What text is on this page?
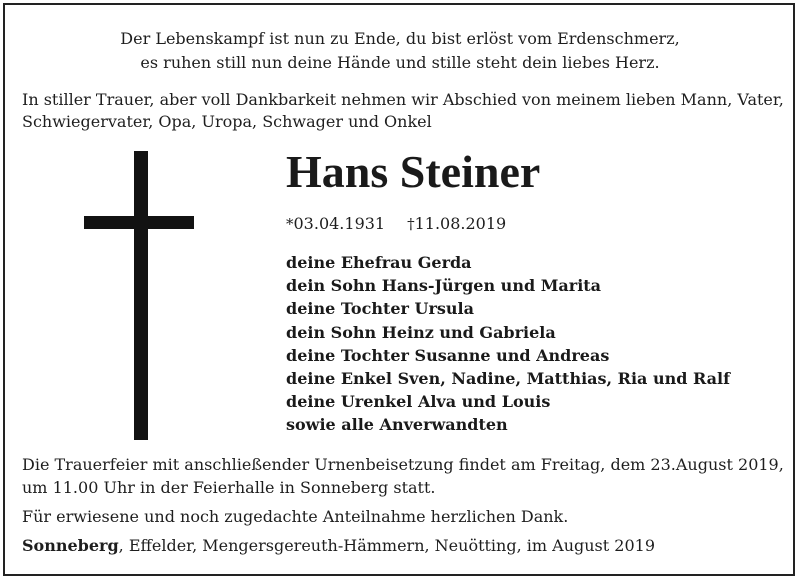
Der Lebenskampf ist nun zu Ende, du bist erlöst vom Erdenschmerz,
es ruhen still nun deine Hände und stille steht dein liebes Herz.
In stiller Trauer, aber voll Dankbarkeit nehmen wir Abschied von meinem lieben Mann, Vater,
Schwiegervater, Opa, Uropa, Schwager und Onkel
Hans Steiner
*03.04.1931 †11.08.2019
deine Ehefrau Gerda
dein Sohn Hans-Jürgen und Marita
deine Tochter Ursula
dein Sohn Heinz und Gabriela
deine Tochter Susanne und Andreas
deine Enkel Sven, Nadine, Matthias, Ria und Ralf
deine Urenkel Alva und Louis
sowie alle Anverwandten
Die Trauerfeier mit anschließender Urnenbeisetzung findet am Freitag, dem 23.August 2019,
um 11.00 Uhr in der Feierhalle in Sonneberg statt.
Für erwiesene und noch zugedachte Anteilnahme herzlichen Dank.
Sonneberg, Effelder, Mengersgereuth-Hämmern, Neuötting, im August 2019
